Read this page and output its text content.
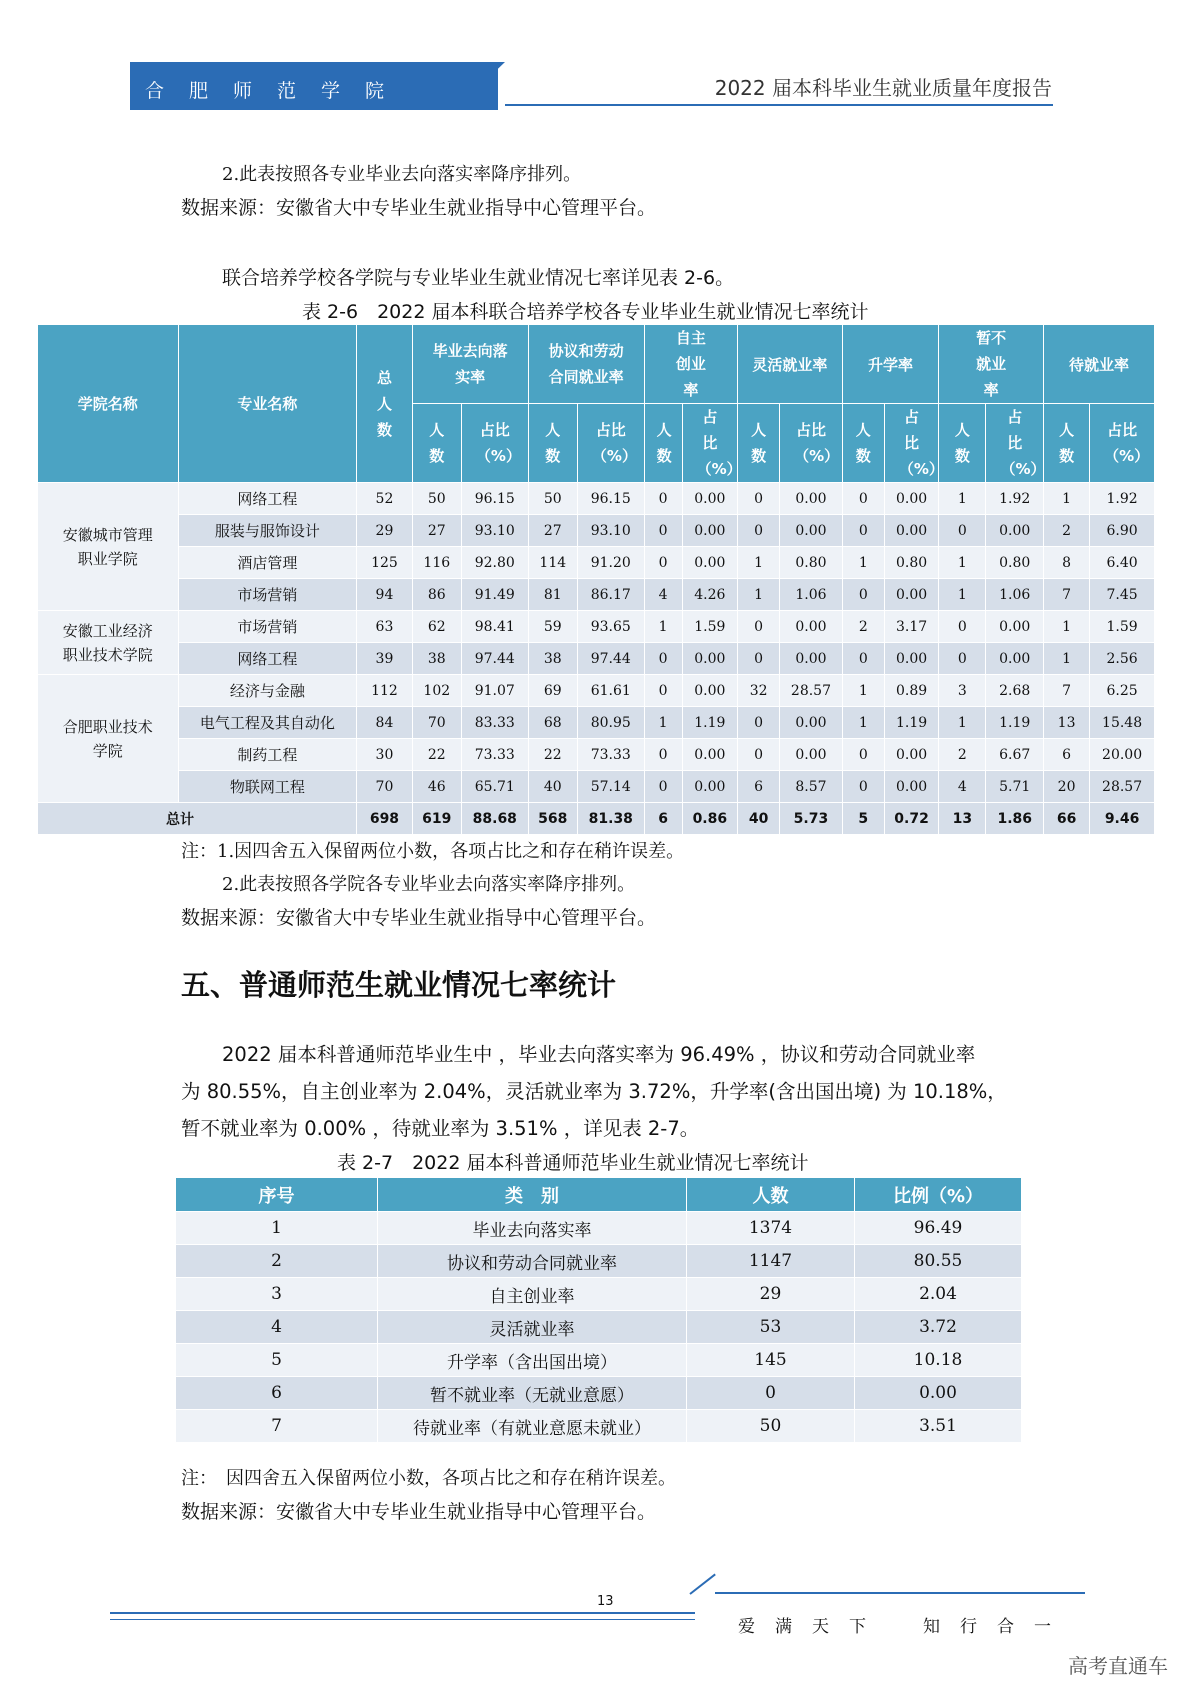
合肥师范学院	2022 届本科毕业生就业质量年度报告
2.此表按照各专业毕业去向落实率降序排列。
数据来源：安徽省大中专毕业生就业指导中心管理平台。
联合培养学校各学院与专业毕业生就业情况七率详见表 2-6。
表 2-6　2022 届本科联合培养学校各专业毕业生就业情况七率统计
学院名称	专业名称	总人数	毕业去向落实率		协议和劳动合同就业率		自主创业率		灵活就业率		升学率		暂不就业率		待就业率	
			人数	占比（%）	人数	占比（%）	人数	占比（%）	人数	占比（%）	人数	占比（%）	人数	占比（%）	人数	占比（%）
安徽城市管理职业学院	网络工程	52	50	96.15	50	96.15	0	0.00	0	0.00	0	0.00	1	1.92	1	1.92
	服装与服饰设计	29	27	93.10	27	93.10	0	0.00	0	0.00	0	0.00	0	0.00	2	6.90
	酒店管理	125	116	92.80	114	91.20	0	0.00	1	0.80	1	0.80	1	0.80	8	6.40
	市场营销	94	86	91.49	81	86.17	4	4.26	1	1.06	0	0.00	1	1.06	7	7.45
安徽工业经济职业技术学院	市场营销	63	62	98.41	59	93.65	1	1.59	0	0.00	2	3.17	0	0.00	1	1.59
	网络工程	39	38	97.44	38	97.44	0	0.00	0	0.00	0	0.00	0	0.00	1	2.56
合肥职业技术学院	经济与金融	112	102	91.07	69	61.61	0	0.00	32	28.57	1	0.89	3	2.68	7	6.25
	电气工程及其自动化	84	70	83.33	68	80.95	1	1.19	0	0.00	1	1.19	1	1.19	13	15.48
	制药工程	30	22	73.33	22	73.33	0	0.00	0	0.00	0	0.00	2	6.67	6	20.00
	物联网工程	70	46	65.71	40	57.14	0	0.00	6	8.57	0	0.00	4	5.71	20	28.57
总计		698	619	88.68	568	81.38	6	0.86	40	5.73	5	0.72	13	1.86	66	9.46
注：1.因四舍五入保留两位小数，各项占比之和存在稍许误差。
2.此表按照各学院各专业毕业去向落实率降序排列。
数据来源：安徽省大中专毕业生就业指导中心管理平台。
五、普通师范生就业情况七率统计
2022 届本科普通师范毕业生中 ，毕业去向落实率为 96.49% ，协议和劳动合同就业率
为 80.55%，自主创业率为 2.04%，灵活就业率为 3.72%，升学率(含出国出境) 为 10.18%，
暂不就业率为 0.00% ，待就业率为 3.51% ，详见表 2-7。
表 2-7　2022 届本科普通师范毕业生就业情况七率统计
序号	类　别	人数	比例（%）
1	毕业去向落实率	1374	96.49
2	协议和劳动合同就业率	1147	80.55
3	自主创业率	29	2.04
4	灵活就业率	53	3.72
5	升学率（含出国出境）	145	10.18
6	暂不就业率（无就业意愿）	0	0.00
7	待就业率（有就业意愿未就业）	50	3.51
注：　因四舍五入保留两位小数，各项占比之和存在稍许误差。
数据来源：安徽省大中专毕业生就业指导中心管理平台。
13
爱满天下　知行合一
高考直通车
